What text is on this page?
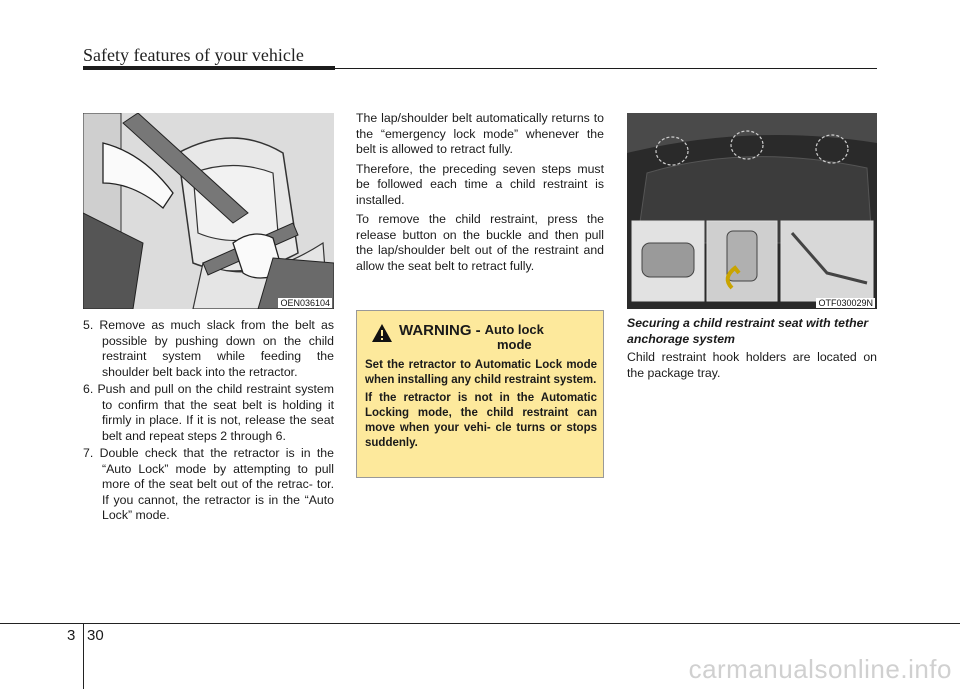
Safety features of your vehicle
OEN036104
5. Remove as much slack from the belt as possible by pushing down on the child restraint system while feeding the shoulder belt back into the retractor.
6. Push and pull on the child restraint system to confirm that the seat belt is holding it firmly in place. If it is not, release the seat belt and repeat steps 2 through 6.
7. Double check that the retractor is in the “Auto Lock” mode by attempting to pull more of the seat belt out of the retrac- tor. If you cannot, the retractor is in the “Auto Lock” mode.

The lap/shoulder belt automatically returns to the “emergency lock mode” whenever the belt is allowed to retract fully.

Therefore, the preceding seven steps must be followed each time a child restraint is installed.

To remove the child restraint, press the release button on the buckle and then pull the lap/shoulder belt out of the restraint and allow the seat belt to retract fully.

WARNING - Auto lock
mode

Set the retractor to Automatic Lock mode when installing any child restraint system.

If the retractor is not in the Automatic Locking mode, the child restraint can move when your vehi- cle turns or stops suddenly.

OTF030029N

Securing a child restraint seat with tether anchorage system

Child restraint hook holders are located on the package tray.

3 30
carmanualsonline.info
